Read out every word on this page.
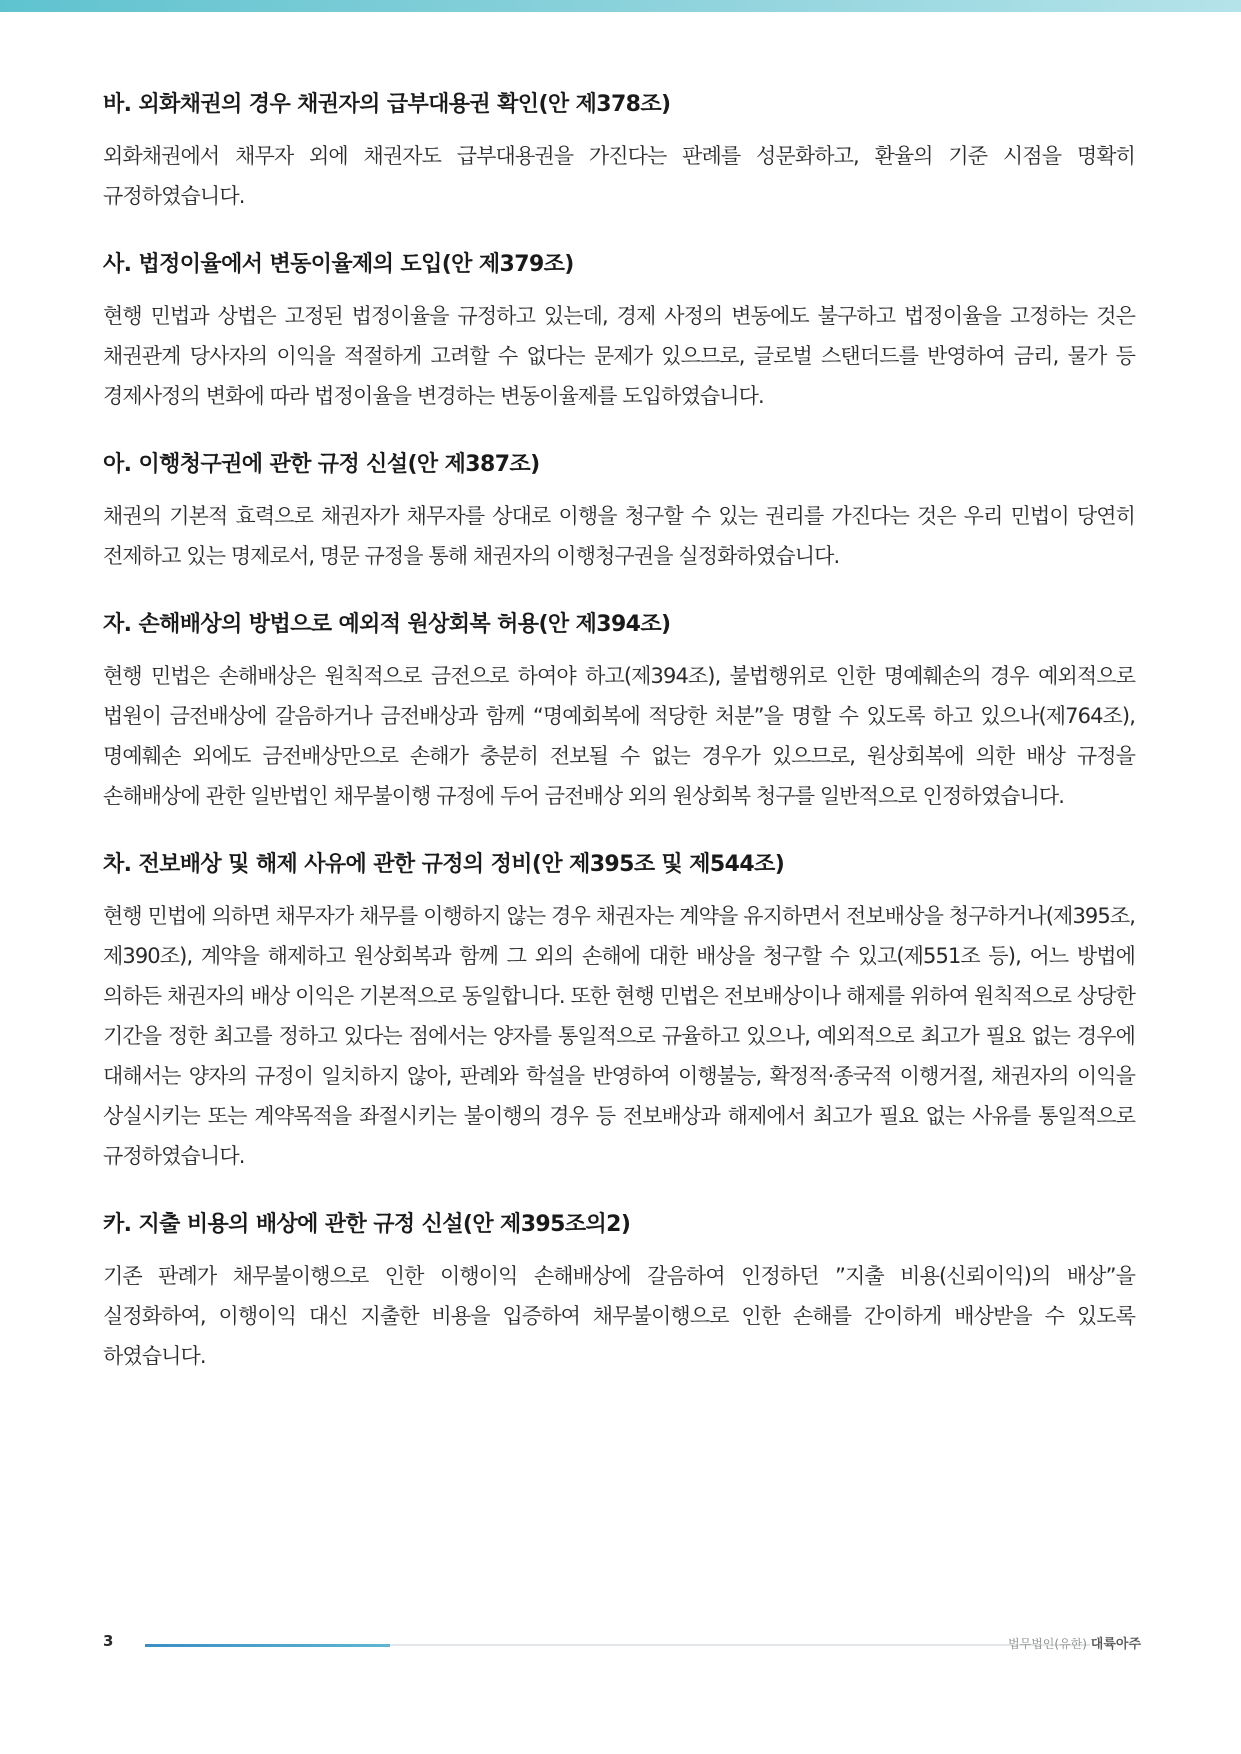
바. 외화채권의 경우 채권자의 급부대용권 확인(안 제378조)

외화채권에서 채무자 외에 채권자도 급부대용권을 가진다는 판례를 성문화하고, 환율의 기준 시점을 명확히 규정하였습니다.

사. 법정이율에서 변동이율제의 도입(안 제379조)

현행 민법과 상법은 고정된 법정이율을 규정하고 있는데, 경제 사정의 변동에도 불구하고 법정이율을 고정하는 것은 채권관계 당사자의 이익을 적절하게 고려할 수 없다는 문제가 있으므로, 글로벌 스탠더드를 반영하여 금리, 물가 등 경제사정의 변화에 따라 법정이율을 변경하는 변동이율제를 도입하였습니다.

아. 이행청구권에 관한 규정 신설(안 제387조)

채권의 기본적 효력으로 채권자가 채무자를 상대로 이행을 청구할 수 있는 권리를 가진다는 것은 우리 민법이 당연히 전제하고 있는 명제로서, 명문 규정을 통해 채권자의 이행청구권을 실정화하였습니다.

자. 손해배상의 방법으로 예외적 원상회복 허용(안 제394조)

현행 민법은 손해배상은 원칙적으로 금전으로 하여야 하고(제394조), 불법행위로 인한 명예훼손의 경우 예외적으로 법원이 금전배상에 갈음하거나 금전배상과 함께 “명예회복에 적당한 처분”을 명할 수 있도록 하고 있으나(제764조), 명예훼손 외에도 금전배상만으로 손해가 충분히 전보될 수 없는 경우가 있으므로, 원상회복에 의한 배상 규정을 손해배상에 관한 일반법인 채무불이행 규정에 두어 금전배상 외의 원상회복 청구를 일반적으로 인정하였습니다.

차. 전보배상 및 해제 사유에 관한 규정의 정비(안 제395조 및 제544조)

현행 민법에 의하면 채무자가 채무를 이행하지 않는 경우 채권자는 계약을 유지하면서 전보배상을 청구하거나(제395조, 제390조), 계약을 해제하고 원상회복과 함께 그 외의 손해에 대한 배상을 청구할 수 있고(제551조 등), 어느 방법에 의하든 채권자의 배상 이익은 기본적으로 동일합니다. 또한 현행 민법은 전보배상이나 해제를 위하여 원칙적으로 상당한 기간을 정한 최고를 정하고 있다는 점에서는 양자를 통일적으로 규율하고 있으나, 예외적으로 최고가 필요 없는 경우에 대해서는 양자의 규정이 일치하지 않아, 판례와 학설을 반영하여 이행불능, 확정적·종국적 이행거절, 채권자의 이익을 상실시키는 또는 계약목적을 좌절시키는 불이행의 경우 등 전보배상과 해제에서 최고가 필요 없는 사유를 통일적으로 규정하였습니다.

카. 지출 비용의 배상에 관한 규정 신설(안 제395조의2)

기존 판례가 채무불이행으로 인한 이행이익 손해배상에 갈음하여 인정하던 ”지출 비용(신뢰이익)의 배상”을 실정화하여, 이행이익 대신 지출한 비용을 입증하여 채무불이행으로 인한 손해를 간이하게 배상받을 수 있도록 하였습니다.

3	법무법인(유한) 대륙아주
